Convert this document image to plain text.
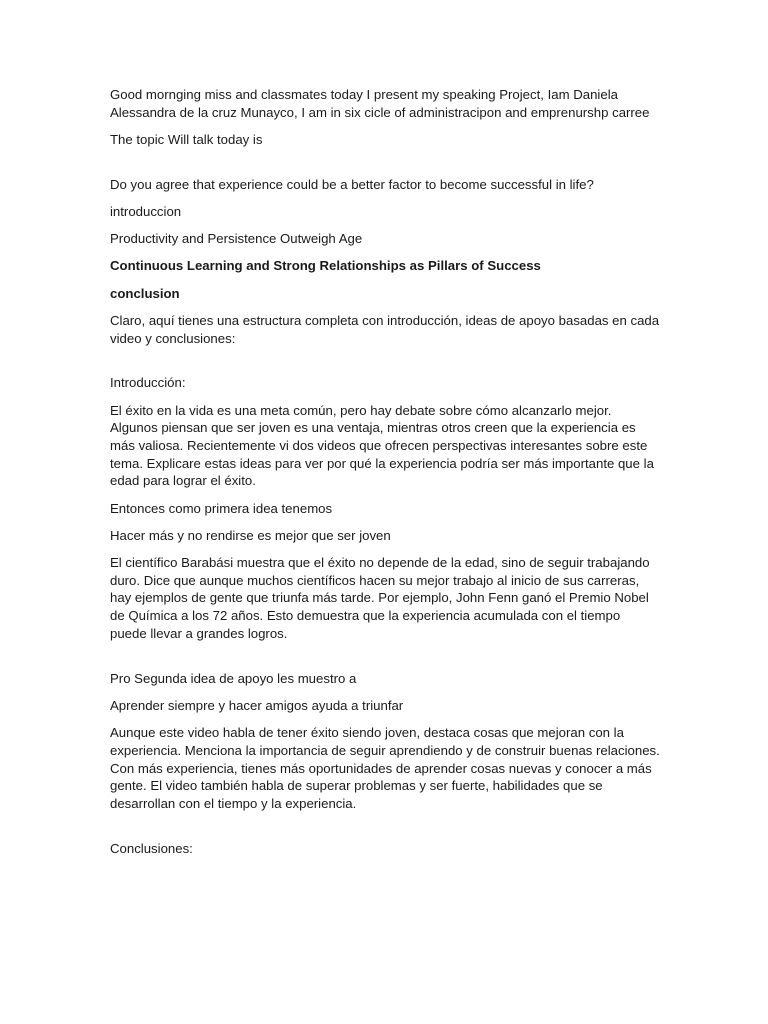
Good mornging miss and classmates today I present my speaking Project, Iam Daniela Alessandra de la cruz Munayco, I am in six cicle of administracipon and emprenurshp carree

The topic Will talk today is

Do you agree that experience could be a better factor to become successful in life?

introduccion

Productivity and Persistence Outweigh Age

Continuous Learning and Strong Relationships as Pillars of Success

conclusion

Claro, aquí tienes una estructura completa con introducción, ideas de apoyo basadas en cada video y conclusiones:

Introducción:

El éxito en la vida es una meta común, pero hay debate sobre cómo alcanzarlo mejor. Algunos piensan que ser joven es una ventaja, mientras otros creen que la experiencia es más valiosa. Recientemente vi dos videos que ofrecen perspectivas interesantes sobre este tema. Explicare estas ideas para ver por qué la experiencia podría ser más importante que la edad para lograr el éxito.

Entonces como primera idea tenemos

Hacer más y no rendirse es mejor que ser joven

El científico Barabási muestra que el éxito no depende de la edad, sino de seguir trabajando duro. Dice que aunque muchos científicos hacen su mejor trabajo al inicio de sus carreras, hay ejemplos de gente que triunfa más tarde. Por ejemplo, John Fenn ganó el Premio Nobel de Química a los 72 años. Esto demuestra que la experiencia acumulada con el tiempo puede llevar a grandes logros.

Pro Segunda idea de apoyo les muestro a

Aprender siempre y hacer amigos ayuda a triunfar

Aunque este video habla de tener éxito siendo joven, destaca cosas que mejoran con la experiencia. Menciona la importancia de seguir aprendiendo y de construir buenas relaciones. Con más experiencia, tienes más oportunidades de aprender cosas nuevas y conocer a más gente. El video también habla de superar problemas y ser fuerte, habilidades que se desarrollan con el tiempo y la experiencia.

Conclusiones:
